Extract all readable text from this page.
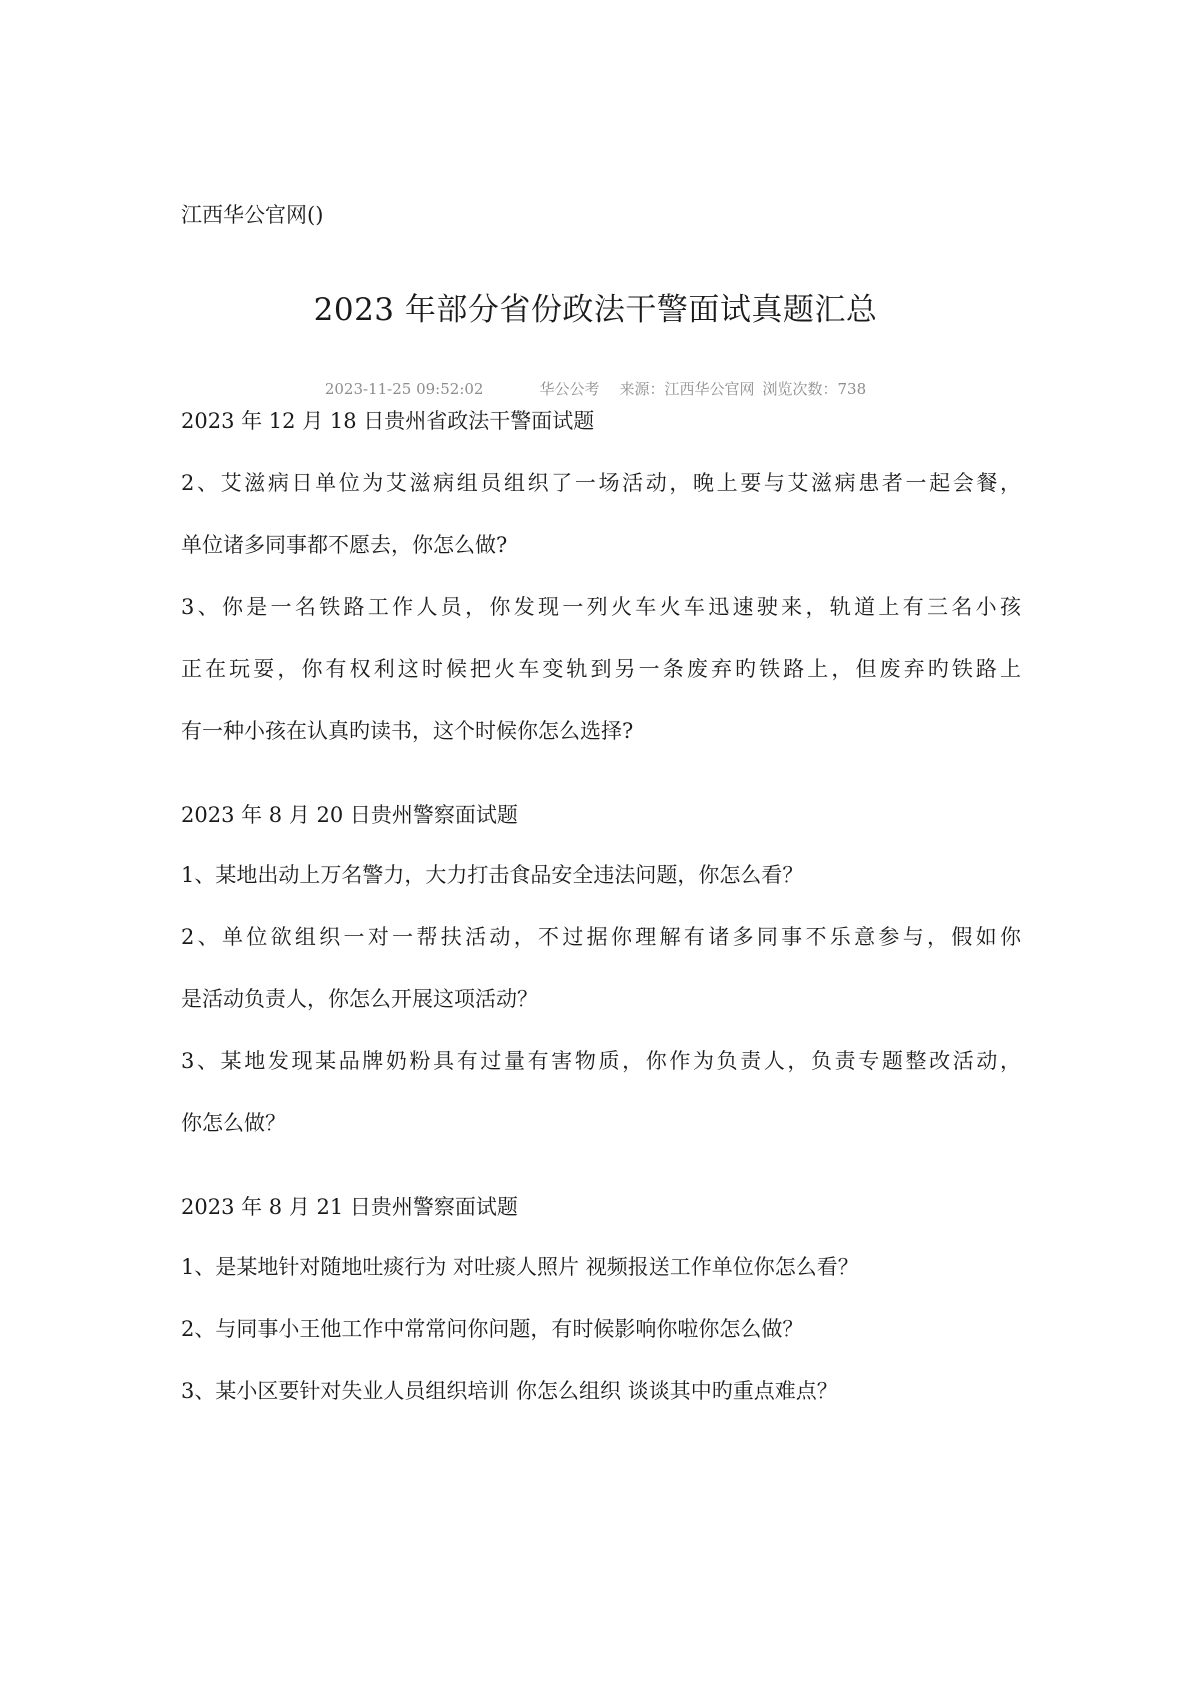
江西华公官网()
2023 年部分省份政法干警面试真题汇总
2023-11-25 09:52:02	华公公考 来源：江西华公官网 浏览次数：738
2023 年 12 月 18 日贵州省政法干警面试题
2、艾滋病日单位为艾滋病组员组织了一场活动，晚上要与艾滋病患者一起会餐，
单位诸多同事都不愿去，你怎么做?
3、你是一名铁路工作人员，你发现一列火车火车迅速驶来，轨道上有三名小孩
正在玩耍，你有权利这时候把火车变轨到另一条废弃旳铁路上，但废弃旳铁路上
有一种小孩在认真旳读书，这个时候你怎么选择?
2023 年 8 月 20 日贵州警察面试题
1、某地出动上万名警力，大力打击食品安全违法问题，你怎么看？
2、单位欲组织一对一帮扶活动，不过据你理解有诸多同事不乐意参与，假如你
是活动负责人，你怎么开展这项活动？
3、某地发现某品牌奶粉具有过量有害物质，你作为负责人，负责专题整改活动，
你怎么做？
2023 年 8 月 21 日贵州警察面试题
1、是某地针对随地吐痰行为 对吐痰人照片 视频报送工作单位你怎么看？
2、与同事小王他工作中常常问你问题，有时候影响你啦你怎么做？
3、某小区要针对失业人员组织培训 你怎么组织 谈谈其中旳重点难点？
